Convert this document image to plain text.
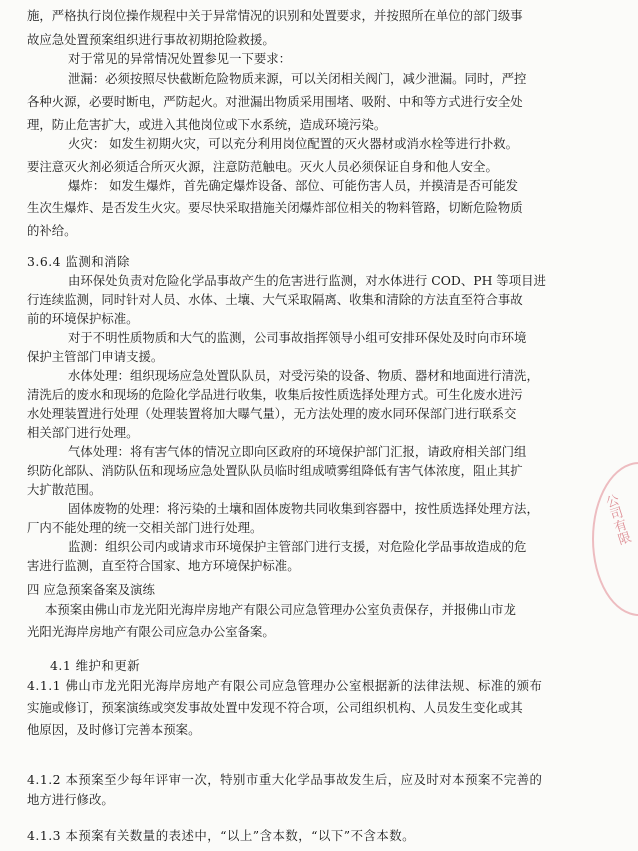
施，严格执行岗位操作规程中关于异常情况的识别和处置要求，并按照所在单位的部门级事
故应急处置预案组织进行事故初期抢险救援。
对于常见的异常情况处置参见一下要求：
泄漏：必须按照尽快截断危险物质来源，可以关闭相关阀门，减少泄漏。同时，严控
各种火源，必要时断电，严防起火。对泄漏出物质采用围堵、吸附、中和等方式进行安全处
理，防止危害扩大，或进入其他岗位或下水系统，造成环境污染。
火灾： 如发生初期火灾，可以充分利用岗位配置的灭火器材或消水栓等进行扑救。
要注意灭火剂必须适合所灭火源，注意防范触电。灭火人员必须保证自身和他人安全。
爆炸： 如发生爆炸，首先确定爆炸设备、部位、可能伤害人员，并摸清是否可能发
生次生爆炸、是否发生火灾。要尽快采取措施关闭爆炸部位相关的物料管路，切断危险物质
的补给。
3.6.4 监测和消除
由环保处负责对危险化学品事故产生的危害进行监测，对水体进行 COD、PH 等项目进
行连续监测，同时针对人员、水体、土壤、大气采取隔离、收集和清除的方法直至符合事故
前的环境保护标准。
对于不明性质物质和大气的监测，公司事故指挥领导小组可安排环保处及时向市环境
保护主管部门申请支援。
水体处理：组织现场应急处置队队员，对受污染的设备、物质、器材和地面进行清洗，
清洗后的废水和现场的危险化学品进行收集，收集后按性质选择处理方式。可生化废水进污
水处理装置进行处理（处理装置将加大曝气量），无方法处理的废水同环保部门进行联系交
相关部门进行处理。
气体处理：将有害气体的情况立即向区政府的环境保护部门汇报，请政府相关部门组
织防化部队、消防队伍和现场应急处置队队员临时组成喷雾组降低有害气体浓度，阻止其扩
大扩散范围。
固体废物的处理：将污染的土壤和固体废物共同收集到容器中，按性质选择处理方法，
厂内不能处理的统一交相关部门进行处理。
监测：组织公司内或请求市环境保护主管部门进行支援，对危险化学品事故造成的危
害进行监测，直至符合国家、地方环境保护标准。
四 应急预案备案及演练
本预案由佛山市龙光阳光海岸房地产有限公司应急管理办公室负责保存，并报佛山市龙
光阳光海岸房地产有限公司应急办公室备案。
4.1 维护和更新
4.1.1 佛山市龙光阳光海岸房地产有限公司应急管理办公室根据新的法律法规、标准的颁布
实施或修订，预案演练或突发事故处置中发现不符合项，公司组织机构、人员发生变化或其
他原因，及时修订完善本预案。
4.1.2 本预案至少每年评审一次，特别市重大化学品事故发生后，应及时对本预案不完善的
地方进行修改。
4.1.3 本预案有关数量的表述中，“以上”含本数，“以下”不含本数。
公司有限
